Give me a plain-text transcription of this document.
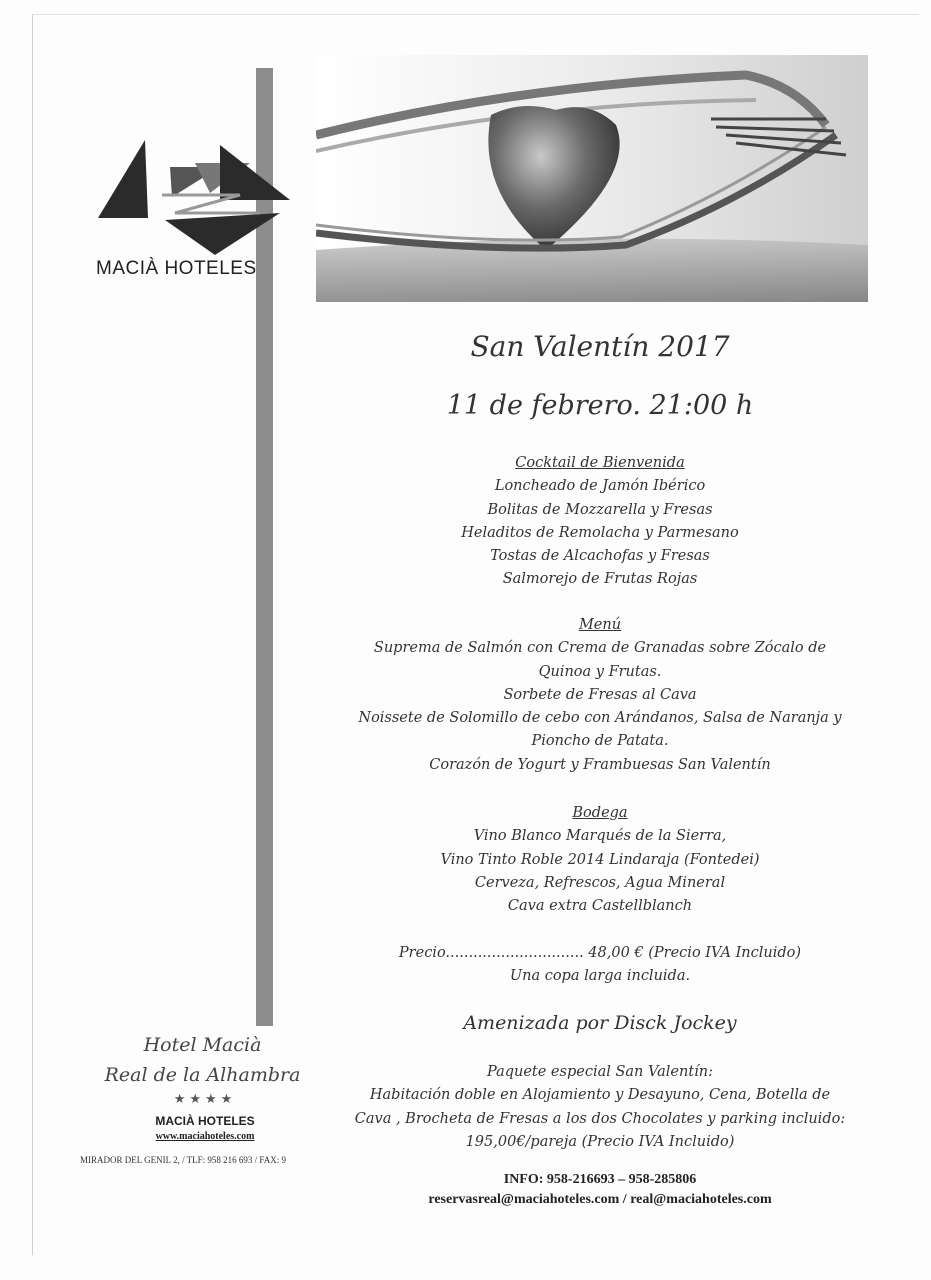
MACIÀ HOTELES
San Valentín 2017
11 de febrero. 21:00 h
Cocktail de Bienvenida
Loncheado de Jamón Ibérico
Bolitas de Mozzarella y Fresas
Heladitos de Remolacha y Parmesano
Tostas de Alcachofas y Fresas
Salmorejo de Frutas Rojas
Menú
Suprema de Salmón con Crema de Granadas sobre Zócalo de
Quinoa y Frutas.
Sorbete de Fresas al Cava
Noissete de Solomillo de cebo con Arándanos, Salsa de Naranja y
Pioncho de Patata.
Corazón de Yogurt y Frambuesas San Valentín
Bodega
Vino Blanco Marqués de la Sierra,
Vino Tinto Roble 2014 Lindaraja (Fontedei)
Cerveza, Refrescos, Agua Mineral
Cava extra Castellblanch
Precio.............................. 48,00 € (Precio IVA Incluido)
Una copa larga incluida.
Amenizada por Disck Jockey
Paquete especial San Valentín:
Habitación doble en Alojamiento y Desayuno, Cena, Botella de
Cava , Brocheta de Fresas a los dos Chocolates y parking incluido:
195,00€/pareja (Precio IVA Incluido)
INFO: 958-216693 – 958-285806
reservasreal@maciahoteles.com / real@maciahoteles.com
Hotel Macià
Real de la Alhambra
★★★★
MACIÀ HOTELES
www.maciahoteles.com
MIRADOR DEL GENIL 2, / TLF: 958 216 693 / FAX: 9
